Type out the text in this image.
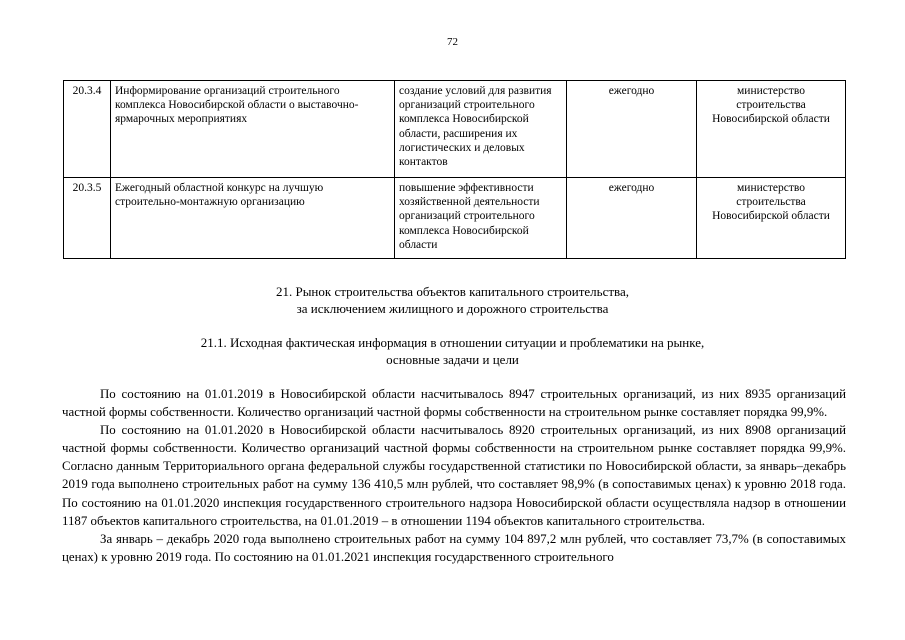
72
20.3.4	Информирование организаций строительного комплекса Новосибирской области о выставочно-ярмарочных мероприятиях	создание условий для развития организаций строительного комплекса Новосибирской области, расширения их логистических и деловых контактов	ежегодно	министерство строительства Новосибирской области
20.3.5	Ежегодный областной конкурс на лучшую строительно-монтажную организацию	повышение эффективности хозяйственной деятельности организаций строительного комплекса Новосибирской области	ежегодно	министерство строительства Новосибирской области
21. Рынок строительства объектов капитального строительства,
за исключением жилищного и дорожного строительства
21.1. Исходная фактическая информация в отношении ситуации и проблематики на рынке,
основные задачи и цели

По состоянию на 01.01.2019 в Новосибирской области насчитывалось 8947 строительных организаций, из них 8935 организаций частной формы собственности. Количество организаций частной формы собственности на строительном рынке составляет порядка 99,9%.

По состоянию на 01.01.2020 в Новосибирской области насчитывалось 8920 строительных организаций, из них 8908 организаций частной формы собственности. Количество организаций частной формы собственности на строительном рынке составляет порядка 99,9%. Согласно данным Территориального органа федеральной службы государственной статистики по Новосибирской области, за январь–декабрь 2019 года выполнено строительных работ на сумму 136 410,5 млн рублей, что составляет 98,9% (в сопоставимых ценах) к уровню 2018 года. По состоянию на 01.01.2020 инспекция государственного строительного надзора Новосибирской области осуществляла надзор в отношении 1187 объектов капитального строительства, на 01.01.2019 – в отношении 1194 объектов капитального строительства.

За январь – декабрь 2020 года выполнено строительных работ на сумму 104 897,2 млн рублей, что составляет 73,7% (в сопоставимых ценах) к уровню 2019 года. По состоянию на 01.01.2021 инспекция государственного строительного
